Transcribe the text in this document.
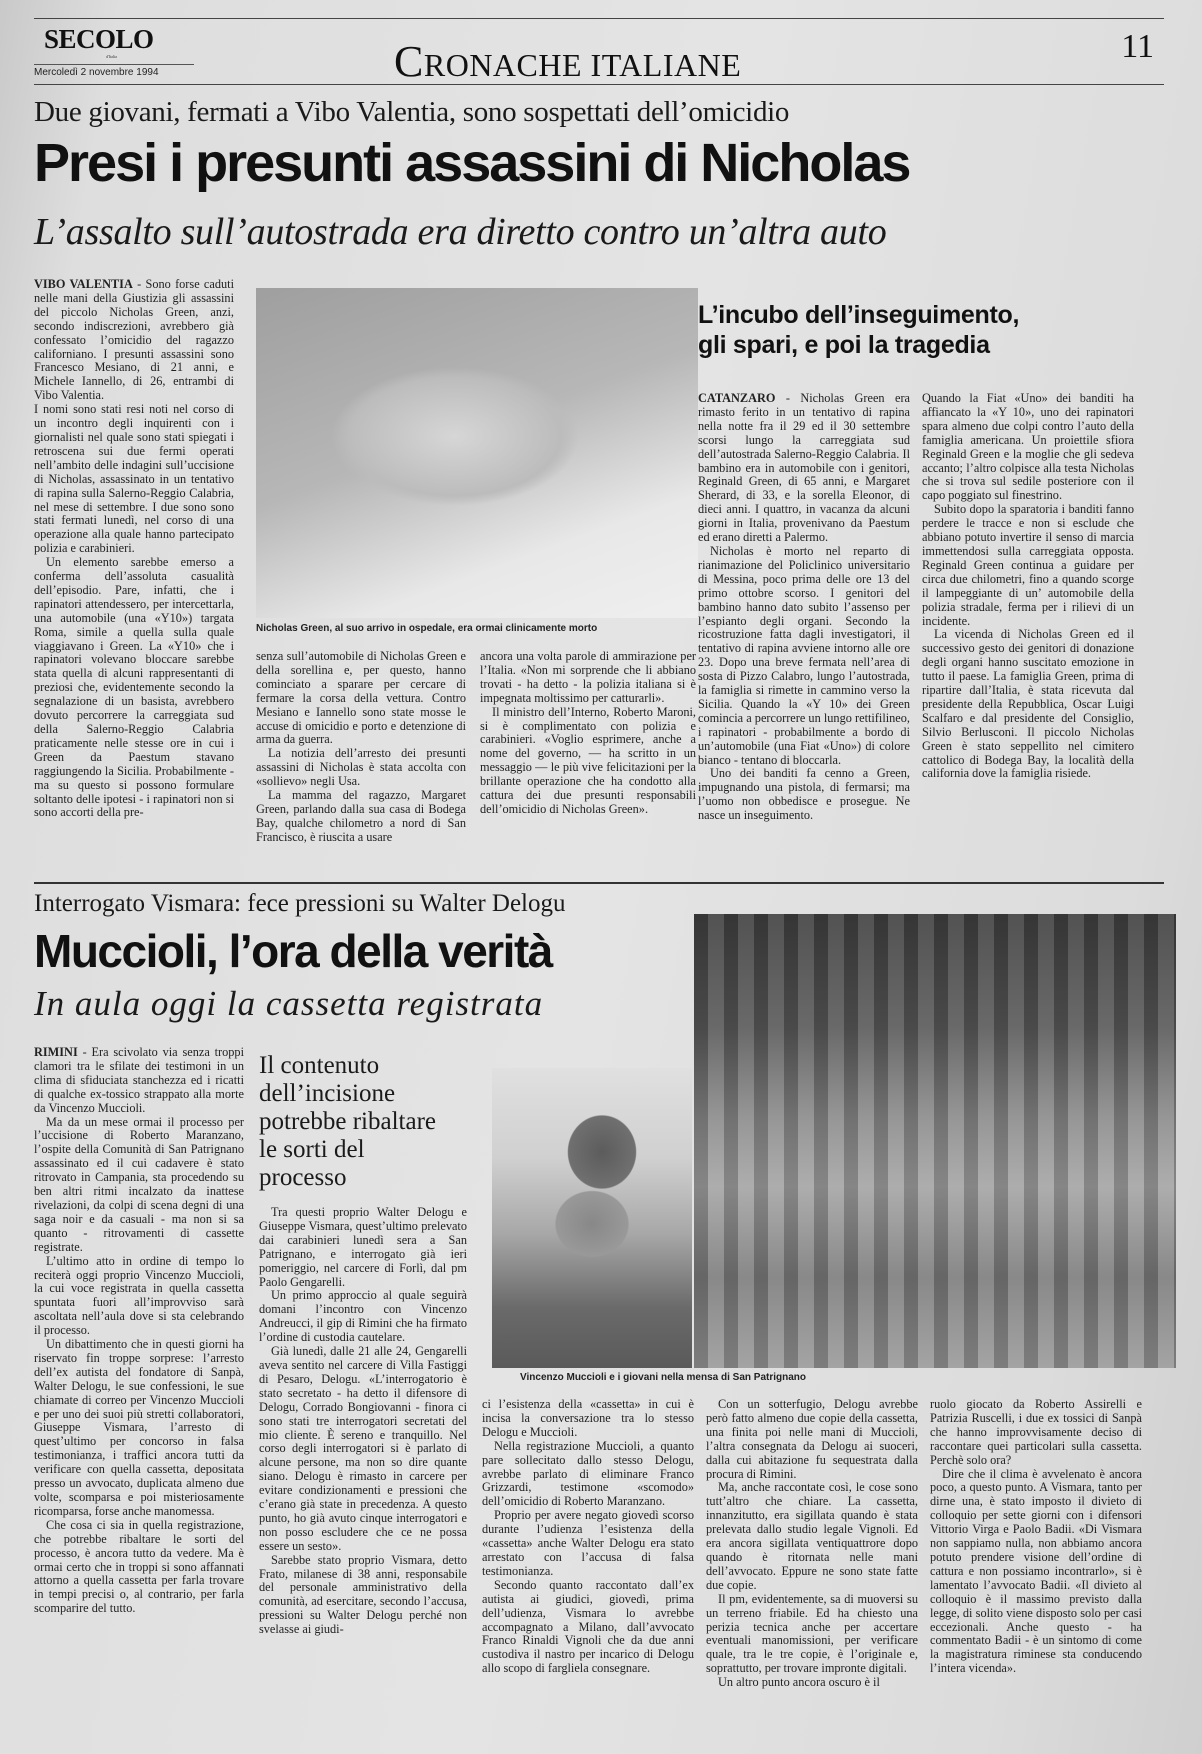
SECOLO
d'Italia
Mercoledì 2 novembre 1994	CRONACHE ITALIANE	11
Due giovani, fermati a Vibo Valentia, sono sospettati dell’omicidio
Presi i presunti assassini di Nicholas
L’assalto sull’autostrada era diretto contro un’altra auto

VIBO VALENTIA - Sono forse caduti nelle mani della Giustizia gli assassini del piccolo Nicholas Green, anzi, secondo indiscrezioni, avrebbero già confessato l’omicidio del ragazzo californiano. I presunti assassini sono Francesco Mesiano, di 21 anni, e Michele Iannello, di 26, entrambi di Vibo Valentia.

I nomi sono stati resi noti nel corso di un incontro degli inquirenti con i giornalisti nel quale sono stati spiegati i retroscena sui due fermi operati nell’ambito delle indagini sull’uccisione di Nicholas, assassinato in un tentativo di rapina sulla Salerno-Reggio Calabria, nel mese di settembre. I due sono sono stati fermati lunedì, nel corso di una operazione alla quale hanno partecipato polizia e carabinieri.

Un elemento sarebbe emerso a conferma dell’assoluta casualità dell’episodio. Pare, infatti, che i rapinatori attendessero, per intercettarla, una automobile (una «Y10») targata Roma, simile a quella sulla quale viaggiavano i Green. La «Y10» che i rapinatori volevano bloccare sarebbe stata quella di alcuni rappresentanti di preziosi che, evidentemente secondo la segnalazione di un basista, avrebbero dovuto percorrere la carreggiata sud della Salerno-Reggio Calabria praticamente nelle stesse ore in cui i Green da Paestum stavano raggiungendo la Sicilia. Probabilmente - ma su questo si possono formulare soltanto delle ipotesi - i rapinatori non si sono accorti della pre-

Nicholas Green, al suo arrivo in ospedale, era ormai clinicamente morto

senza sull’automobile di Nicholas Green e della sorellina e, per questo, hanno cominciato a sparare per cercare di fermare la corsa della vettura. Contro Mesiano e Iannello sono state mosse le accuse di omicidio e porto e detenzione di arma da guerra.

La notizia dell’arresto dei presunti assassini di Nicholas è stata accolta con «sollievo» negli Usa.

La mamma del ragazzo, Margaret Green, parlando dalla sua casa di Bodega Bay, qualche chilometro a nord di San Francisco, è riuscita a usare

ancora una volta parole di ammirazione per l’Italia. «Non mi sorprende che li abbiano trovati - ha detto - la polizia italiana si è impegnata moltissimo per catturarli».

Il ministro dell’Interno, Roberto Maroni, si è complimentato con polizia e carabinieri. «Voglio esprimere, anche a nome del governo, — ha scritto in un messaggio — le più vive felicitazioni per la brillante operazione che ha condotto alla cattura dei due presunti responsabili dell’omicidio di Nicholas Green».

L’incubo dell’inseguimento,
gli spari, e poi la tragedia

CATANZARO - Nicholas Green era rimasto ferito in un tentativo di rapina nella notte fra il 29 ed il 30 settembre scorsi lungo la carreggiata sud dell’autostrada Salerno-Reggio Calabria. Il bambino era in automobile con i genitori, Reginald Green, di 65 anni, e Margaret Sherard, di 33, e la sorella Eleonor, di dieci anni. I quattro, in vacanza da alcuni giorni in Italia, provenivano da Paestum ed erano diretti a Palermo.

Nicholas è morto nel reparto di rianimazione del Policlinico universitario di Messina, poco prima delle ore 13 del primo ottobre scorso. I genitori del bambino hanno dato subito l’assenso per l’espianto degli organi. Secondo la ricostruzione fatta dagli investigatori, il tentativo di rapina avviene intorno alle ore 23. Dopo una breve fermata nell’area di sosta di Pizzo Calabro, lungo l’autostrada, la famiglia si rimette in cammino verso la Sicilia. Quando la «Y 10» dei Green comincia a percorrere un lungo rettifilineo, i rapinatori - probabilmente a bordo di un’automobile (una Fiat «Uno») di colore bianco - tentano di bloccarla.

Uno dei banditi fa cenno a Green, impugnando una pistola, di fermarsi; ma l’uomo non obbedisce e prosegue. Ne nasce un inseguimento.

Quando la Fiat «Uno» dei banditi ha affiancato la «Y 10», uno dei rapinatori spara almeno due colpi contro l’auto della famiglia americana. Un proiettile sfiora Reginald Green e la moglie che gli sedeva accanto; l’altro colpisce alla testa Nicholas che si trova sul sedile posteriore con il capo poggiato sul finestrino.

Subito dopo la sparatoria i banditi fanno perdere le tracce e non si esclude che abbiano potuto invertire il senso di marcia immettendosi sulla carreggiata opposta. Reginald Green continua a guidare per circa due chilometri, fino a quando scorge il lampeggiante di un’ automobile della polizia stradale, ferma per i rilievi di un incidente.

La vicenda di Nicholas Green ed il successivo gesto dei genitori di donazione degli organi hanno suscitato emozione in tutto il paese. La famiglia Green, prima di ripartire dall’Italia, è stata ricevuta dal presidente della Repubblica, Oscar Luigi Scalfaro e dal presidente del Consiglio, Silvio Berlusconi. Il piccolo Nicholas Green è stato seppellito nel cimitero cattolico di Bodega Bay, la località della california dove la famiglia risiede.

Interrogato Vismara: fece pressioni su Walter Delogu
Muccioli, l’ora della verità
In aula oggi la cassetta registrata

RIMINI - Era scivolato via senza troppi clamori tra le sfilate dei testimoni in un clima di sfiduciata stanchezza ed i ricatti di qualche ex-tossico strappato alla morte da Vincenzo Muccioli.

Ma da un mese ormai il processo per l’uccisione di Roberto Maranzano, l’ospite della Comunità di San Patrignano assassinato ed il cui cadavere è stato ritrovato in Campania, sta procedendo su ben altri ritmi incalzato da inattese rivelazioni, da colpi di scena degni di una saga noir e da casuali - ma non si sa quanto - ritrovamenti di cassette registrate.

L’ultimo atto in ordine di tempo lo reciterà oggi proprio Vincenzo Muccioli, la cui voce registrata in quella cassetta spuntata fuori all’improvviso sarà ascoltata nell’aula dove si sta celebrando il processo.

Un dibattimento che in questi giorni ha riservato fin troppe sorprese: l’arresto dell’ex autista del fondatore di Sanpà, Walter Delogu, le sue confessioni, le sue chiamate di correo per Vincenzo Muccioli e per uno dei suoi più stretti collaboratori, Giuseppe Vismara, l’arresto di quest’ultimo per concorso in falsa testimonianza, i traffici ancora tutti da verificare con quella cassetta, depositata presso un avvocato, duplicata almeno due volte, scomparsa e poi misteriosamente ricomparsa, forse anche manomessa.

Che cosa ci sia in quella registrazione, che potrebbe ribaltare le sorti del processo, è ancora tutto da vedere. Ma è ormai certo che in troppi si sono affannati attorno a quella cassetta per farla trovare in tempi precisi o, al contrario, per farla scomparire del tutto.

Il contenuto dell’incisione potrebbe ribaltare le sorti del processo

Tra questi proprio Walter Delogu e Giuseppe Vismara, quest’ultimo prelevato dai carabinieri lunedì sera a San Patrignano, e interrogato già ieri pomeriggio, nel carcere di Forlì, dal pm Paolo Gengarelli.

Un primo approccio al quale seguirà domani l’incontro con Vincenzo Andreucci, il gip di Rimini che ha firmato l’ordine di custodia cautelare.

Già lunedì, dalle 21 alle 24, Gengarelli aveva sentito nel carcere di Villa Fastiggi di Pesaro, Delogu. «L’interrogatorio è stato secretato - ha detto il difensore di Delogu, Corrado Bongiovanni - finora ci sono stati tre interrogatori secretati del mio cliente. È sereno e tranquillo. Nel corso degli interrogatori si è parlato di alcune persone, ma non so dire quante siano. Delogu è rimasto in carcere per evitare condizionamenti e pressioni che c’erano già state in precedenza. A questo punto, ho già avuto cinque interrogatori e non posso escludere che ce ne possa essere un sesto».

Sarebbe stato proprio Vismara, detto Frato, milanese di 38 anni, responsabile del personale amministrativo della comunità, ad esercitare, secondo l’accusa, pressioni su Walter Delogu perché non svelasse ai giudi-

Vincenzo Muccioli e i giovani nella mensa di San Patrignano

ci l’esistenza della «cassetta» in cui è incisa la conversazione tra lo stesso Delogu e Muccioli.

Nella registrazione Muccioli, a quanto pare sollecitato dallo stesso Delogu, avrebbe parlato di eliminare Franco Grizzardi, testimone «scomodo» dell’omicidio di Roberto Maranzano.

Proprio per avere negato giovedì scorso durante l’udienza l’esistenza della «cassetta» anche Walter Delogu era stato arrestato con l’accusa di falsa testimonianza.

Secondo quanto raccontato dall’ex autista ai giudici, giovedì, prima dell’udienza, Vismara lo avrebbe accompagnato a Milano, dall’avvocato Franco Rinaldi Vignoli che da due anni custodiva il nastro per incarico di Delogu allo scopo di fargliela consegnare.

Con un sotterfugio, Delogu avrebbe però fatto almeno due copie della cassetta, una finita poi nelle mani di Muccioli, l’altra consegnata da Delogu ai suoceri, dalla cui abitazione fu sequestrata dalla procura di Rimini.

Ma, anche raccontate così, le cose sono tutt’altro che chiare. La cassetta, innanzitutto, era sigillata quando è stata prelevata dallo studio legale Vignoli. Ed era ancora sigillata ventiquattrore dopo quando è ritornata nelle mani dell’avvocato. Eppure ne sono state fatte due copie.

Il pm, evidentemente, sa di muoversi su un terreno friabile. Ed ha chiesto una perizia tecnica anche per accertare eventuali manomissioni, per verificare quale, tra le tre copie, è l’originale e, soprattutto, per trovare impronte digitali.

Un altro punto ancora oscuro è il

ruolo giocato da Roberto Assirelli e Patrizia Ruscelli, i due ex tossici di Sanpà che hanno improvvisamente deciso di raccontare quei particolari sulla cassetta. Perchè solo ora?

Dire che il clima è avvelenato è ancora poco, a questo punto. A Vismara, tanto per dirne una, è stato imposto il divieto di colloquio per sette giorni con i difensori Vittorio Virga e Paolo Badii. «Di Vismara non sappiamo nulla, non abbiamo ancora potuto prendere visione dell’ordine di cattura e non possiamo incontrarlo», si è lamentato l’avvocato Badii. «Il divieto al colloquio è il massimo previsto dalla legge, di solito viene disposto solo per casi eccezionali. Anche questo - ha commentato Badii - è un sintomo di come la magistratura riminese sta conducendo l’intera vicenda».
